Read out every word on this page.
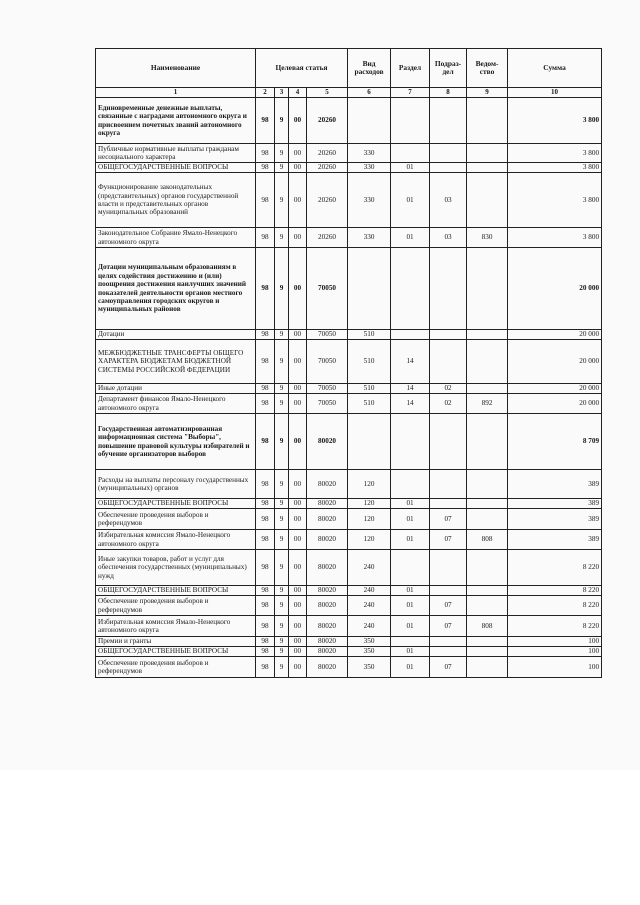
Наименование	Целевая статья				Вид расходов	Раздел	Подраз-дел	Ведом-ство	Сумма
1	2	3	4	5	6	7	8	9	10
Единовременные денежные выплаты, связанные с наградами автономного округа и присвоением почетных званий автономного округа	98	9	00	20260					3 800
Публичные нормативные выплаты гражданам несоциального характера	98	9	00	20260	330				3 800
ОБЩЕГОСУДАРСТВЕННЫЕ ВОПРОСЫ	98	9	00	20260	330	01			3 800
Функционирование законодательных (представительных) органов государственной власти и представительных органов муниципальных образований	98	9	00	20260	330	01	03		3 800
Законодательное Собрание Ямало-Ненецкого автономного округа	98	9	00	20260	330	01	03	830	3 800
Дотации муниципальным образованиям в целях содействия достижению и (или) поощрения достижения наилучших значений показателей деятельности органов местного самоуправления городских округов и муниципальных районов	98	9	00	70050					20 000
Дотации	98	9	00	70050	510				20 000
МЕЖБЮДЖЕТНЫЕ ТРАНСФЕРТЫ ОБЩЕГО ХАРАКТЕРА БЮДЖЕТАМ БЮДЖЕТНОЙ СИСТЕМЫ РОССИЙСКОЙ ФЕДЕРАЦИИ	98	9	00	70050	510	14			20 000
Иные дотации	98	9	00	70050	510	14	02		20 000
Департамент финансов Ямало-Ненецкого автономного округа	98	9	00	70050	510	14	02	892	20 000
Государственная автоматизированная информационная система "Выборы", повышение правовой культуры избирателей и обучение организаторов выборов	98	9	00	80020					8 709
Расходы на выплаты персоналу государственных (муниципальных) органов	98	9	00	80020	120				389
ОБЩЕГОСУДАРСТВЕННЫЕ ВОПРОСЫ	98	9	00	80020	120	01			389
Обеспечение проведения выборов и референдумов	98	9	00	80020	120	01	07		389
Избирательная комиссия Ямало-Ненецкого автономного округа	98	9	00	80020	120	01	07	808	389
Иные закупки товаров, работ и услуг для обеспечения государственных (муниципальных) нужд	98	9	00	80020	240				8 220
ОБЩЕГОСУДАРСТВЕННЫЕ ВОПРОСЫ	98	9	00	80020	240	01			8 220
Обеспечение проведения выборов и референдумов	98	9	00	80020	240	01	07		8 220
Избирательная комиссия Ямало-Ненецкого автономного округа	98	9	00	80020	240	01	07	808	8 220
Премии и гранты	98	9	00	80020	350				100
ОБЩЕГОСУДАРСТВЕННЫЕ ВОПРОСЫ	98	9	00	80020	350	01			100
Обеспечение проведения выборов и референдумов	98	9	00	80020	350	01	07		100
